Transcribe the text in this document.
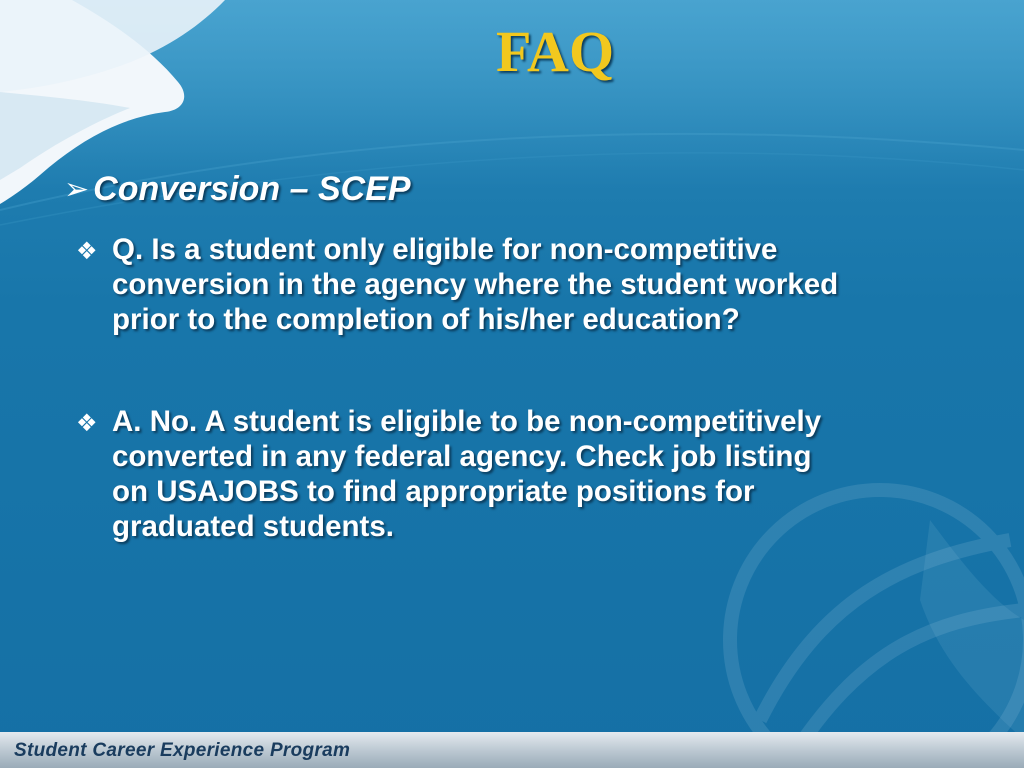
FAQ
➢ Conversion – SCEP
❖ Q. Is a student only eligible for non-competitive
conversion in the agency where the student worked
prior to the completion of his/her education?

❖ A. No. A student is eligible to be non-competitively
converted in any federal agency. Check job listing
on USAJOBS to find appropriate positions for
graduated students.

Student Career Experience Program
